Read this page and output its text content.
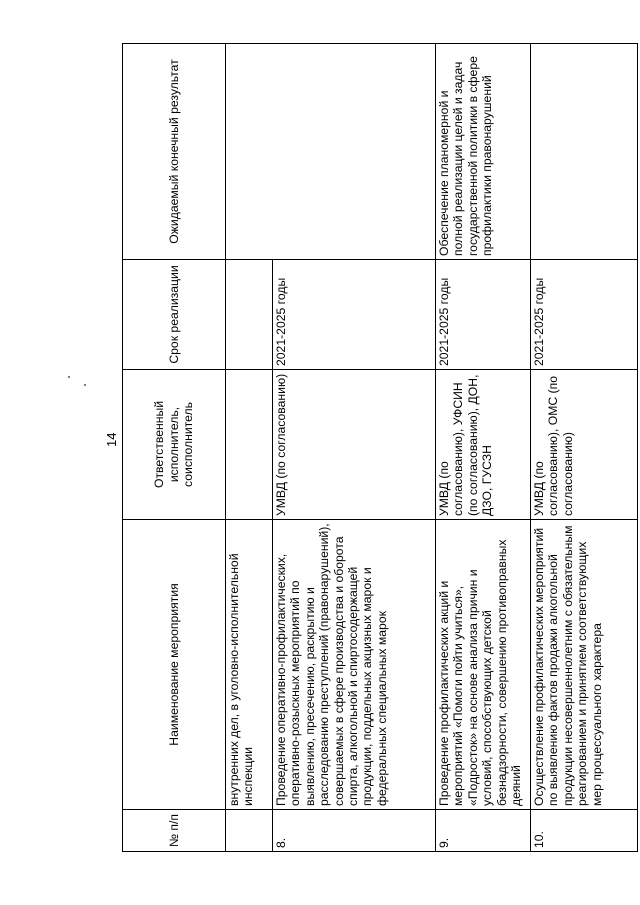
14
№ п/п	Наименование мероприятия	Ответственный исполнитель, соисполнитель	Срок реализации	Ожидаемый конечный результат
	внутренних дел, в уголовно-исполнительной инспекции			
8.	Проведение оперативно-профилактических, оперативно-розыскных мероприятий по выявлению, пресечению, раскрытию и расследованию преступлений (правонарушений), совершаемых в сфере производства и оборота спирта, алкогольной и спиртосодержащей продукции, поддельных акцизных марок и федеральных специальных марок	УМВД (по согласованию)	2021-2025 годы	
9.	Проведение профилактических акций и мероприятий «Помоги пойти учиться», «Подросток» на основе анализа причин и условий, способствующих детской безнадзорности, совершению противоправных деяний	УМВД (по согласованию), УФСИН (по согласованию), ДОН, ДЗО, ГУСЗН	2021-2025 годы	Обеспечение планомерной и полной реализации целей и задач государственной политики в сфере профилактики правонарушений
10.	Осуществление профилактических мероприятий по выявлению фактов продажи алкогольной продукции несовершеннолетним с обязательным реагированием и принятием соответствующих мер процессуального характера	УМВД (по согласованию), ОМС (по согласованию)	2021-2025 годы	
